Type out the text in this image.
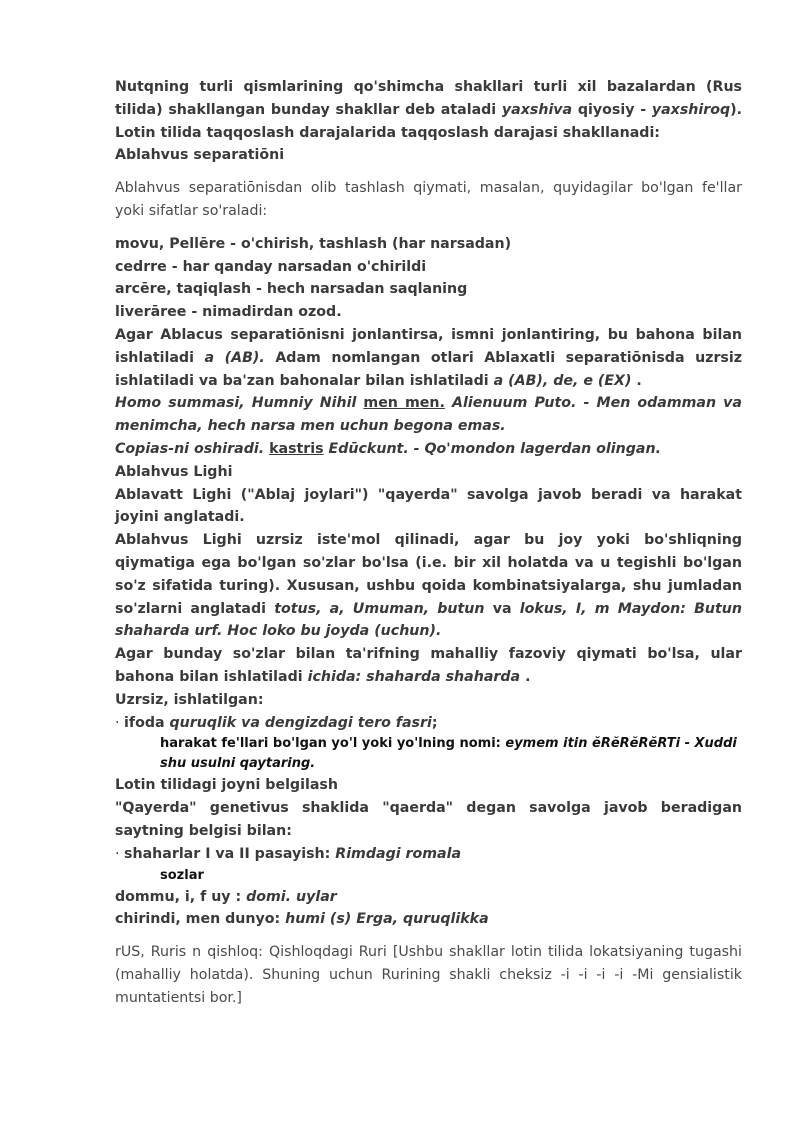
Nutqning turli qismlarining qo'shimcha shakllari turli xil bazalardan (Rus tilida) shakllangan bunday shakllar deb ataladi yaxshiva qiyosiy - yaxshiroq). Lotin tilida taqqoslash darajalarida taqqoslash darajasi shakllanadi:

Ablahvus separatiōni

Ablahvus separatiōnisdan olib tashlash qiymati, masalan, quyidagilar bo'lgan fe'llar yoki sifatlar so'raladi:

movu, Pellēre - o'chirish, tashlash (har narsadan)

cedrre - har qanday narsadan o'chirildi

arcēre, taqiqlash - hech narsadan saqlaning

liverāree - nimadirdan ozod.

Agar Ablacus separatiōnisni jonlantirsa, ismni jonlantiring, bu bahona bilan ishlatiladi a (AB). Adam nomlangan otlari Ablaxatli separatiōnisda uzrsiz ishlatiladi va ba'zan bahonalar bilan ishlatiladi a (AB), de, e (EX) .

Homo summasi, Humniy Nihil men men. Alienuum Puto. - Men odamman va menimcha, hech narsa men uchun begona emas.

Copias-ni oshiradi. kastris Edūckunt. - Qo'mondon lagerdan olingan.

Ablahvus Lighi

Ablavatt Lighi ("Ablaj joylari") "qayerda" savolga javob beradi va harakat joyini anglatadi.

Ablahvus Lighi uzrsiz iste'mol qilinadi, agar bu joy yoki bo'shliqning qiymatiga ega bo'lgan so'zlar bo'lsa (i.e. bir xil holatda va u tegishli bo'lgan so'z sifatida turing). Xususan, ushbu qoida kombinatsiyalarga, shu jumladan so'zlarni anglatadi totus, a, Umuman, butun va lokus, I, m Maydon: Butun shaharda urf. Hoc loko bu joyda (uchun).

Agar bunday so'zlar bilan ta'rifning mahalliy fazoviy qiymati bo'lsa, ular bahona bilan ishlatiladi ichida: shaharda shaharda .

Uzrsiz, ishlatilgan:

· ifoda quruqlik va dengizdagi tero fasri;

harakat fe'llari bo'lgan yo'l yoki yo'lning nomi: eymem itin ĕRĕRĕRĕRTi - Xuddi shu usulni qaytaring.

Lotin tilidagi joyni belgilash

"Qayerda" genetivus shaklida "qaerda" degan savolga javob beradigan saytning belgisi bilan:

· shaharlar I va II pasayish: Rimdagi romala

sozlar

dommu, i, f uy : domi. uylar

chirindi, men dunyo: humi (s) Erga, quruqlikka

rUS, Ruris n qishloq: Qishloqdagi Ruri [Ushbu shakllar lotin tilida lokatsiyaning tugashi (mahalliy holatda). Shuning uchun Rurining shakli cheksiz -i -i -i -i -Mi gensialistik muntatientsi bor.]
